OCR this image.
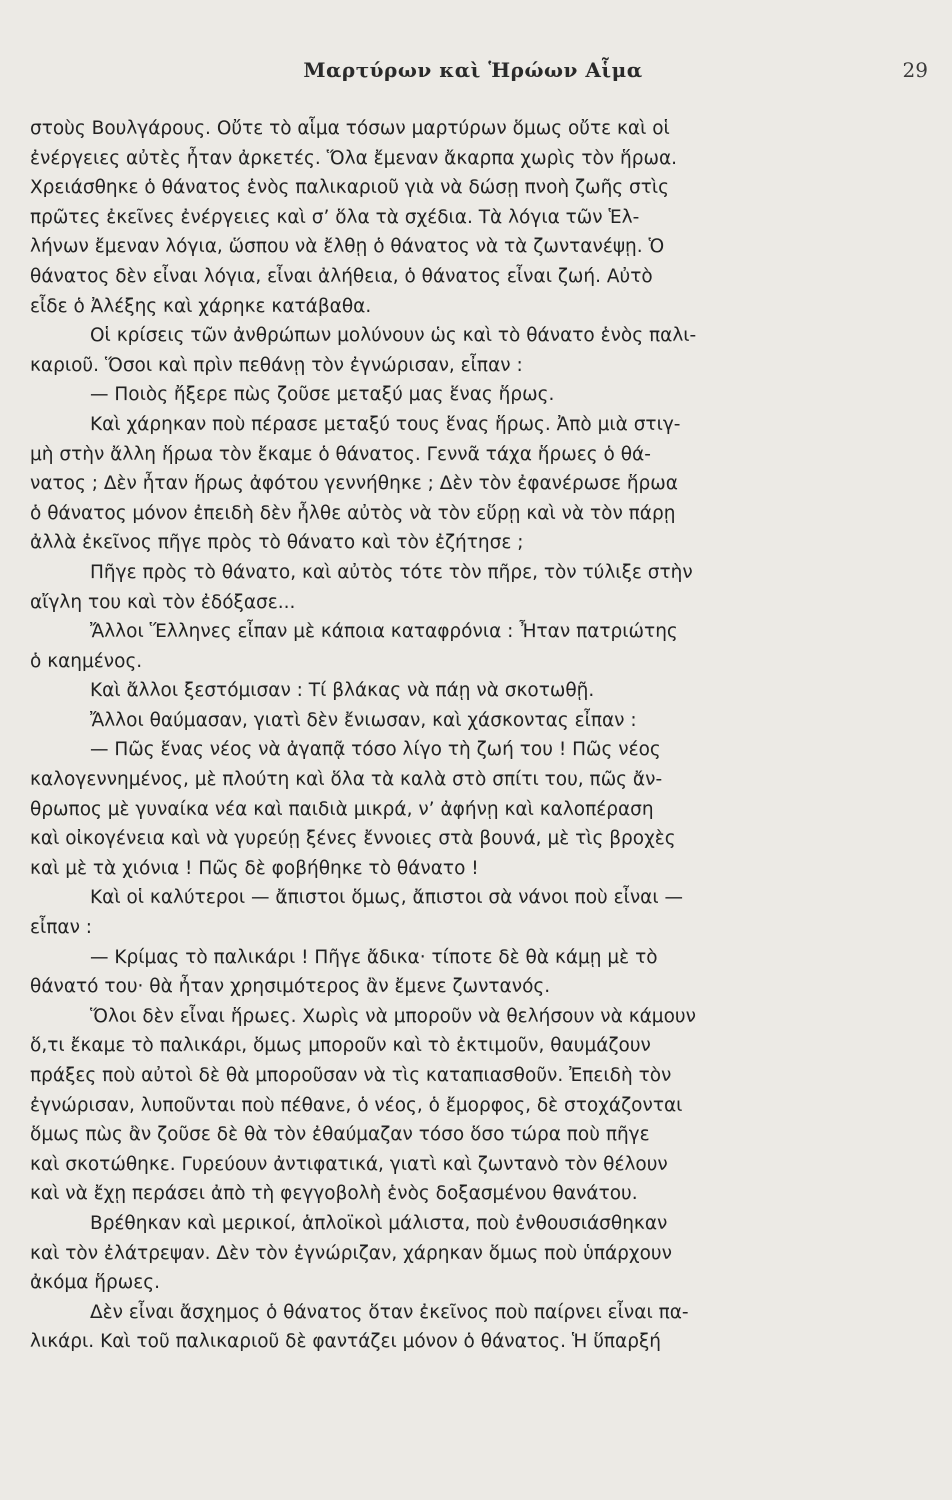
Μαρτύρων καὶ Ἡρώων Αἷμα	29
στοὺς Βουλγάρους. Οὔτε τὸ αἷμα τόσων μαρτύρων ὅμως οὔτε καὶ οἱ
ἐνέργειες αὐτὲς ἦταν ἀρκετές. Ὅλα ἔμεναν ἄκαρπα χωρὶς τὸν ἥρωα.
Χρειάσθηκε ὁ θάνατος ἑνὸς παλικαριοῦ γιὰ νὰ δώσῃ πνοὴ ζωῆς στὶς
πρῶτες ἐκεῖνες ἐνέργειες καὶ σ’ ὅλα τὰ σχέδια. Τὰ λόγια τῶν Ἑλ-
λήνων ἔμεναν λόγια, ὥσπου νὰ ἔλθῃ ὁ θάνατος νὰ τὰ ζωντανέψῃ. Ὁ
θάνατος δὲν εἶναι λόγια, εἶναι ἀλήθεια, ὁ θάνατος εἶναι ζωή. Αὐτὸ
εἶδε ὁ Ἀλέξης καὶ χάρηκε κατάβαθα.
Οἱ κρίσεις τῶν ἀνθρώπων μολύνουν ὡς καὶ τὸ θάνατο ἑνὸς παλι-
καριοῦ. Ὅσοι καὶ πρὶν πεθάνῃ τὸν ἐγνώρισαν, εἶπαν :
— Ποιὸς ἤξερε πὼς ζοῦσε μεταξύ μας ἕνας ἥρως.
Καὶ χάρηκαν ποὺ πέρασε μεταξύ τους ἕνας ἥρως. Ἀπὸ μιὰ στιγ-
μὴ στὴν ἄλλη ἥρωα τὸν ἔκαμε ὁ θάνατος. Γεννᾶ τάχα ἥρωες ὁ θά-
νατος ; Δὲν ἦταν ἥρως ἀφότου γεννήθηκε ; Δὲν τὸν ἐφανέρωσε ἥρωα
ὁ θάνατος μόνον ἐπειδὴ δὲν ἦλθε αὐτὸς νὰ τὸν εὕρῃ καὶ νὰ τὸν πάρῃ
ἀλλὰ ἐκεῖνος πῆγε πρὸς τὸ θάνατο καὶ τὸν ἐζήτησε ;
Πῆγε πρὸς τὸ θάνατο, καὶ αὐτὸς τότε τὸν πῆρε, τὸν τύλιξε στὴν
αἴγλη του καὶ τὸν ἐδόξασε...
Ἄλλοι Ἕλληνες εἶπαν μὲ κάποια καταφρόνια : Ἦταν πατριώτης
ὁ καημένος.
Καὶ ἄλλοι ξεστόμισαν : Τί βλάκας νὰ πάῃ νὰ σκοτωθῇ.
Ἄλλοι θαύμασαν, γιατὶ δὲν ἔνιωσαν, καὶ χάσκοντας εἶπαν :
— Πῶς ἕνας νέος νὰ ἀγαπᾷ τόσο λίγο τὴ ζωή του ! Πῶς νέος
καλογεννημένος, μὲ πλούτη καὶ ὅλα τὰ καλὰ στὸ σπίτι του, πῶς ἄν-
θρωπος μὲ γυναίκα νέα καὶ παιδιὰ μικρά, ν’ ἀφήνῃ καὶ καλοπέραση
καὶ οἰκογένεια καὶ νὰ γυρεύῃ ξένες ἔννοιες στὰ βουνά, μὲ τὶς βροχὲς
καὶ μὲ τὰ χιόνια ! Πῶς δὲ φοβήθηκε τὸ θάνατο !
Καὶ οἱ καλύτεροι — ἄπιστοι ὅμως, ἄπιστοι σὰ νάνοι ποὺ εἶναι —
εἶπαν :
— Κρίμας τὸ παλικάρι ! Πῆγε ἄδικα· τίποτε δὲ θὰ κάμῃ μὲ τὸ
θάνατό του· θὰ ἦταν χρησιμότερος ἂν ἔμενε ζωντανός.
Ὅλοι δὲν εἶναι ἥρωες. Χωρὶς νὰ μποροῦν νὰ θελήσουν νὰ κάμουν
ὅ,τι ἔκαμε τὸ παλικάρι, ὅμως μποροῦν καὶ τὸ ἐκτιμοῦν, θαυμάζουν
πράξες ποὺ αὐτοὶ δὲ θὰ μποροῦσαν νὰ τὶς καταπιασθοῦν. Ἐπειδὴ τὸν
ἐγνώρισαν, λυποῦνται ποὺ πέθανε, ὁ νέος, ὁ ἔμορφος, δὲ στοχάζονται
ὅμως πὼς ἂν ζοῦσε δὲ θὰ τὸν ἐθαύμαζαν τόσο ὅσο τώρα ποὺ πῆγε
καὶ σκοτώθηκε. Γυρεύουν ἀντιφατικά, γιατὶ καὶ ζωντανὸ τὸν θέλουν
καὶ νὰ ἔχῃ περάσει ἀπὸ τὴ φεγγοβολὴ ἑνὸς δοξασμένου θανάτου.
Βρέθηκαν καὶ μερικοί, ἁπλοϊκοὶ μάλιστα, ποὺ ἐνθουσιάσθηκαν
καὶ τὸν ἐλάτρεψαν. Δὲν τὸν ἐγνώριζαν, χάρηκαν ὅμως ποὺ ὑπάρχουν
ἀκόμα ἥρωες.
Δὲν εἶναι ἄσχημος ὁ θάνατος ὅταν ἐκεῖνος ποὺ παίρνει εἶναι πα-
λικάρι. Καὶ τοῦ παλικαριοῦ δὲ φαντάζει μόνον ὁ θάνατος. Ἡ ὕπαρξή
